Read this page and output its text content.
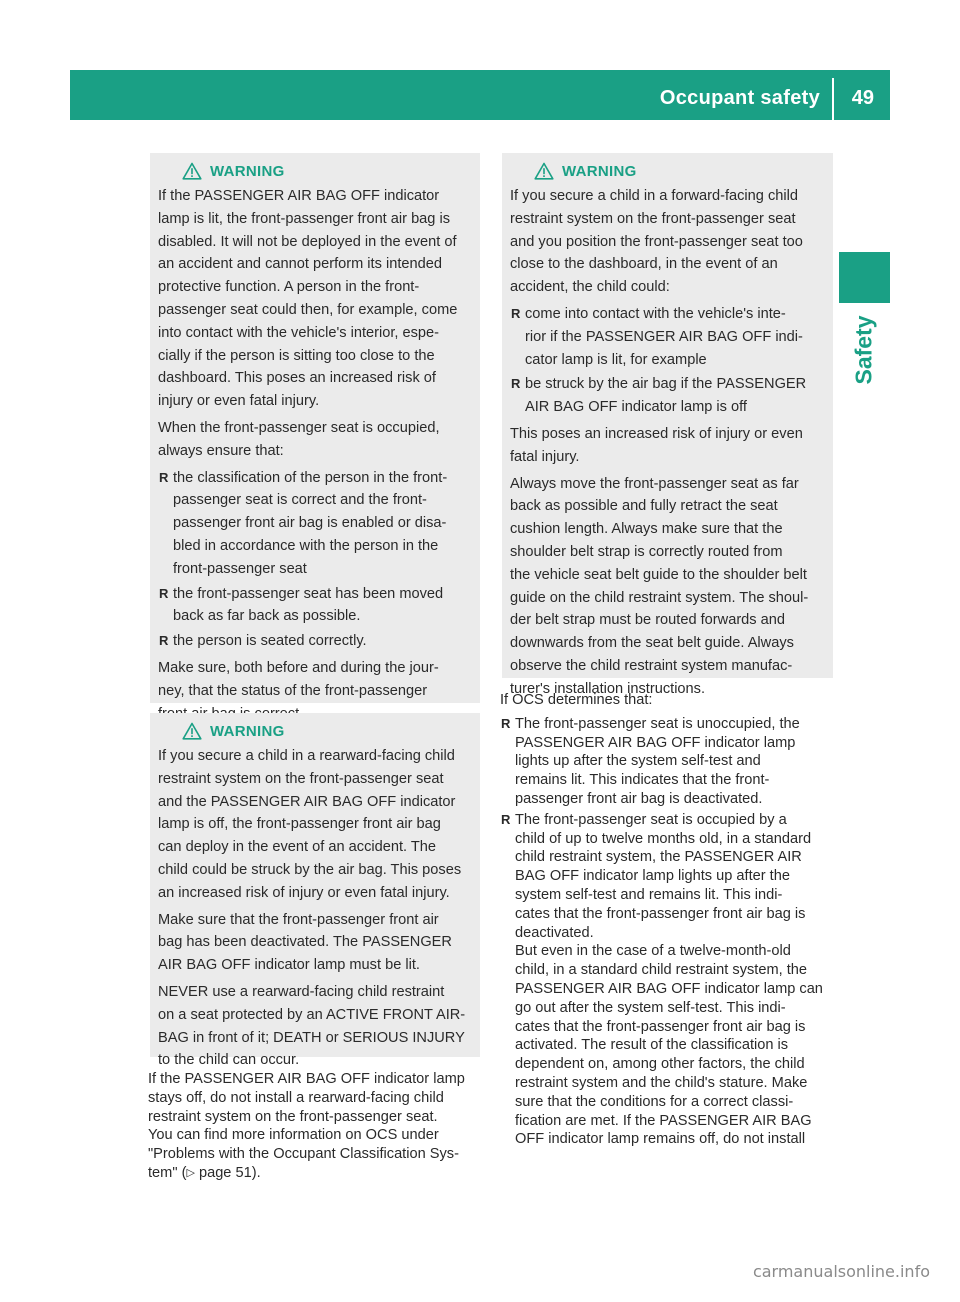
Occupant safety 49
Safety
WARNING
If the PASSENGER AIR BAG OFF indicator
lamp is lit, the front-passenger front air bag is
disabled. It will not be deployed in the event of
an accident and cannot perform its intended
protective function. A person in the front-
passenger seat could then, for example, come
into contact with the vehicle's interior, espe-
cially if the person is sitting too close to the
dashboard. This poses an increased risk of
injury or even fatal injury.
When the front-passenger seat is occupied,
always ensure that:
R the classification of the person in the front-
passenger seat is correct and the front-
passenger front air bag is enabled or disa-
bled in accordance with the person in the
front-passenger seat
R the front-passenger seat has been moved
back as far back as possible.
R the person is seated correctly.
Make sure, both before and during the jour-
ney, that the status of the front-passenger

WARNING
If you secure a child in a rearward-facing child
restraint system on the front-passenger seat
and the PASSENGER AIR BAG OFF indicator
lamp is off, the front-passenger front air bag
can deploy in the event of an accident. The
child could be struck by the air bag. This poses
an increased risk of injury or even fatal injury.
Make sure that the front-passenger front air
bag has been deactivated. The PASSENGER
AIR BAG OFF indicator lamp must be lit.
NEVER use a rearward-facing child restraint
on a seat protected by an ACTIVE FRONT AIR-
BAG in front of it; DEATH or SERIOUS INJURY
to the child can occur.
If the PASSENGER AIR BAG OFF indicator lamp
stays off, do not install a rearward-facing child
restraint system on the front-passenger seat.
You can find more information on OCS under
"Problems with the Occupant Classification Sys-
tem" (▷ page 51).
WARNING
If you secure a child in a forward-facing child
restraint system on the front-passenger seat
and you position the front-passenger seat too
close to the dashboard, in the event of an
accident, the child could:
R come into contact with the vehicle's inte-
rior if the PASSENGER AIR BAG OFF indi-
cator lamp is lit, for example
R be struck by the air bag if the PASSENGER
AIR BAG OFF indicator lamp is off
This poses an increased risk of injury or even
fatal injury.
Always move the front-passenger seat as far
back as possible and fully retract the seat
cushion length. Always make sure that the
shoulder belt strap is correctly routed from
the vehicle seat belt guide to the shoulder belt
guide on the child restraint system. The shoul-
der belt strap must be routed forwards and
downwards from the seat belt guide. Always
observe the child restraint system manufac-
turer's installation instructions.
If OCS determines that:
R The front-passenger seat is unoccupied, the
PASSENGER AIR BAG OFF indicator lamp
lights up after the system self-test and
remains lit. This indicates that the front-
passenger front air bag is deactivated.
R The front-passenger seat is occupied by a
child of up to twelve months old, in a standard
child restraint system, the PASSENGER AIR
BAG OFF indicator lamp lights up after the
system self-test and remains lit. This indi-
cates that the front-passenger front air bag is
deactivated.
But even in the case of a twelve-month-old
child, in a standard child restraint system, the
PASSENGER AIR BAG OFF indicator lamp can
go out after the system self-test. This indi-
cates that the front-passenger front air bag is
activated. The result of the classification is
dependent on, among other factors, the child
restraint system and the child's stature. Make
sure that the conditions for a correct classi-
fication are met. If the PASSENGER AIR BAG
OFF indicator lamp remains off, do not install
carmanualsonline.info
